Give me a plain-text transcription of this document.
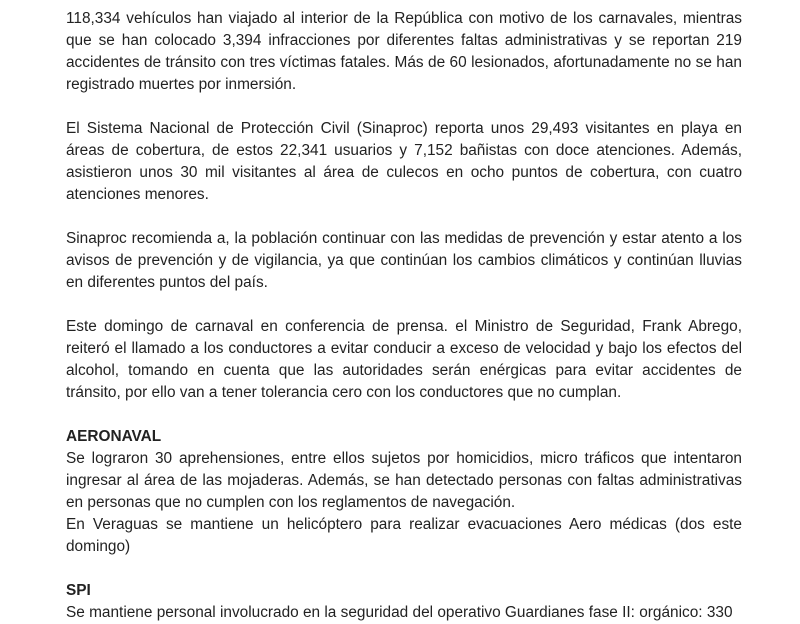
118,334 vehículos han viajado al interior de la República con motivo de los carnavales, mientras que se han colocado 3,394 infracciones por diferentes faltas administrativas y se reportan 219 accidentes de tránsito con tres víctimas fatales. Más de 60 lesionados, afortunadamente no se han registrado muertes por inmersión.

El Sistema Nacional de Protección Civil (Sinaproc) reporta unos 29,493 visitantes en playa en áreas de cobertura, de estos 22,341 usuarios y 7,152 bañistas con doce atenciones. Además, asistieron unos 30 mil visitantes al área de culecos en ocho puntos de cobertura, con cuatro atenciones menores.

Sinaproc recomienda a, la población continuar con las medidas de prevención y estar atento a los avisos de prevención y de vigilancia, ya que continúan los cambios climáticos y continúan lluvias en diferentes puntos del país.

Este domingo de carnaval en conferencia de prensa. el Ministro de Seguridad, Frank Abrego, reiteró el llamado a los conductores a evitar conducir a exceso de velocidad y bajo los efectos del alcohol, tomando en cuenta que las autoridades serán enérgicas para evitar accidentes de tránsito, por ello van a tener tolerancia cero con los conductores que no cumplan.

AERONAVAL

Se lograron 30 aprehensiones, entre ellos sujetos por homicidios, micro tráficos que intentaron ingresar al área de las mojaderas. Además, se han detectado personas con faltas administrativas en personas que no cumplen con los reglamentos de navegación.

En Veraguas se mantiene un helicóptero para realizar evacuaciones Aero médicas (dos este domingo)

SPI

Se mantiene personal involucrado en la seguridad del operativo Guardianes fase II: orgánico: 330
